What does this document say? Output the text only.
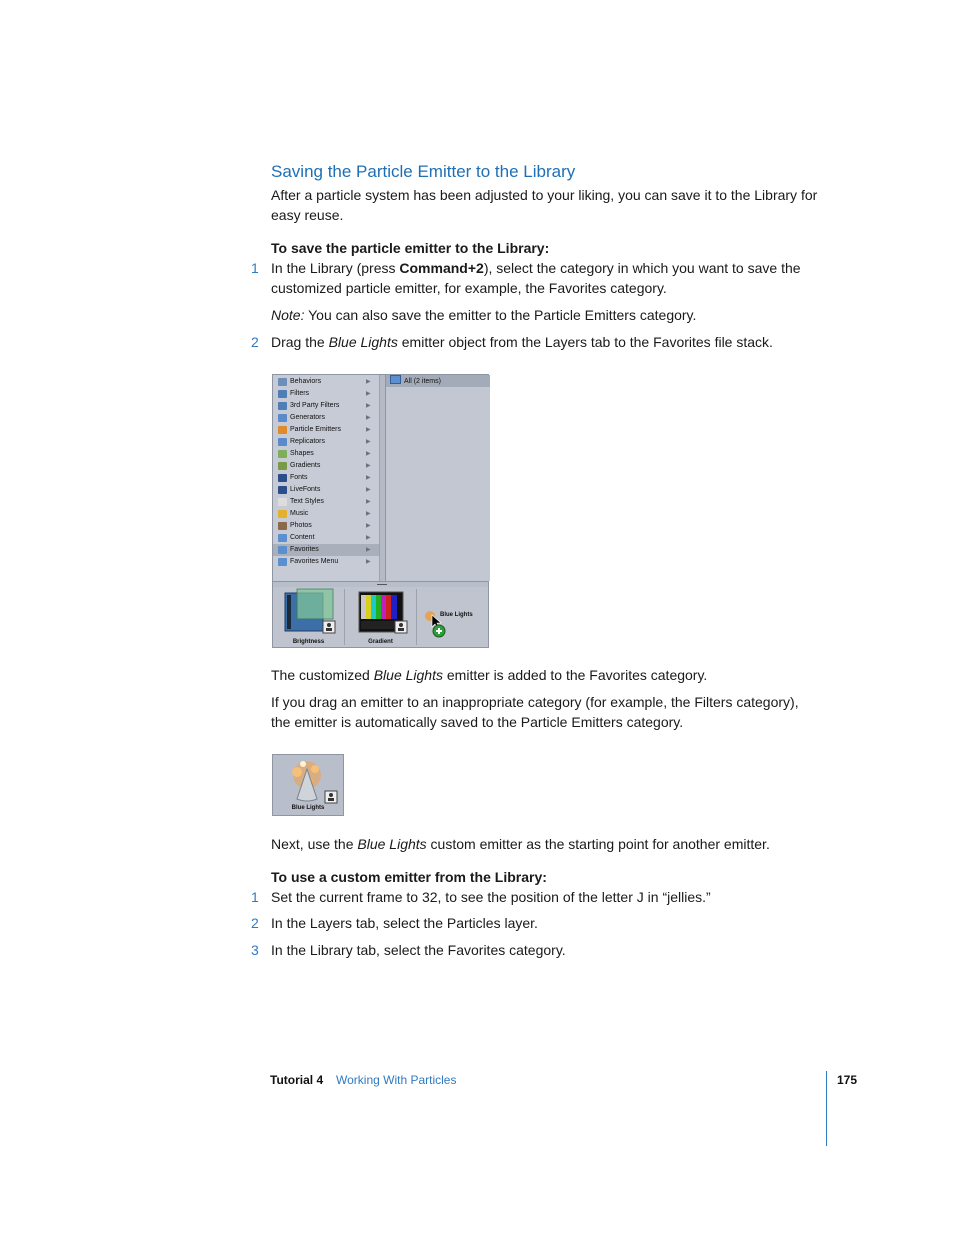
Saving the Particle Emitter to the Library
After a particle system has been adjusted to your liking, you can save it to the Library for easy reuse.
To save the particle emitter to the Library:
1 In the Library (press Command+2), select the category in which you want to save the customized particle emitter, for example, the Favorites category.
Note: You can also save the emitter to the Particle Emitters category.
2 Drag the Blue Lights emitter object from the Layers tab to the Favorites file stack.
Behaviors	▶
Filters	▶
3rd Party Filters	▶
Generators	▶
Particle Emitters	▶
Replicators	▶
Shapes	▶
Gradients	▶
Fonts	▶
LiveFonts	▶
Text Styles	▶
Music	▶
Photos	▶
Content	▶
Favorites	▶
Favorites Menu	▶
All (2 items)
Brightness	Gradient
Blue Lights
The customized Blue Lights emitter is added to the Favorites category.
If you drag an emitter to an inappropriate category (for example, the Filters category), the emitter is automatically saved to the Particle Emitters category.
Blue Lights
Next, use the Blue Lights custom emitter as the starting point for another emitter.
To use a custom emitter from the Library:
1 Set the current frame to 32, to see the position of the letter J in “jellies.”
2 In the Layers tab, select the Particles layer.
3 In the Library tab, select the Favorites category.
Tutorial 4 Working With Particles	175
